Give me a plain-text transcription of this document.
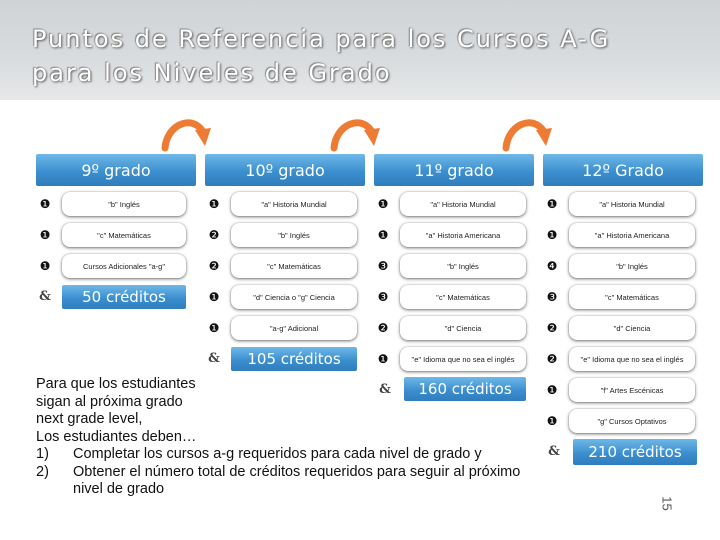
Puntos de Referencia para los Cursos A-G
para los Niveles de Grado
9º grado
❶	"b" Inglés
❶	"c" Matemáticas
❶	Cursos Adicionales "a-g"
&	50 créditos
10º grado
❶	"a" Historia Mundial
❷	"b" Inglés
❷	"c" Matemáticas
❶	"d" Ciencia o "g" Ciencia
❶	"a-g" Adicional
&	105 créditos
11º grado
❶	"a" Historia Mundial
❶	"a" Historia Americana
❸	"b" Inglés
❸	"c" Matemáticas
❷	"d" Ciencia
❶	"e" Idioma que no sea el inglés
&	160 créditos
12º Grado
❶	"a" Historia Mundial
❶	"a" Historia Americana
❹	"b" Inglés
❸	"c" Matemáticas
❷	"d" Ciencia
❷	"e" Idioma que no sea el inglés
❶	"f" Artes Escénicas
❶	"g" Cursos Optativos
&	210 créditos
Para que los estudiantes
sigan al próxima grado
next grade level,
Los estudiantes deben…
1) Completar los cursos a-g requeridos para cada nivel de grado y
2) Obtener el número total de créditos requeridos para seguir al próximo nivel de grado
15
